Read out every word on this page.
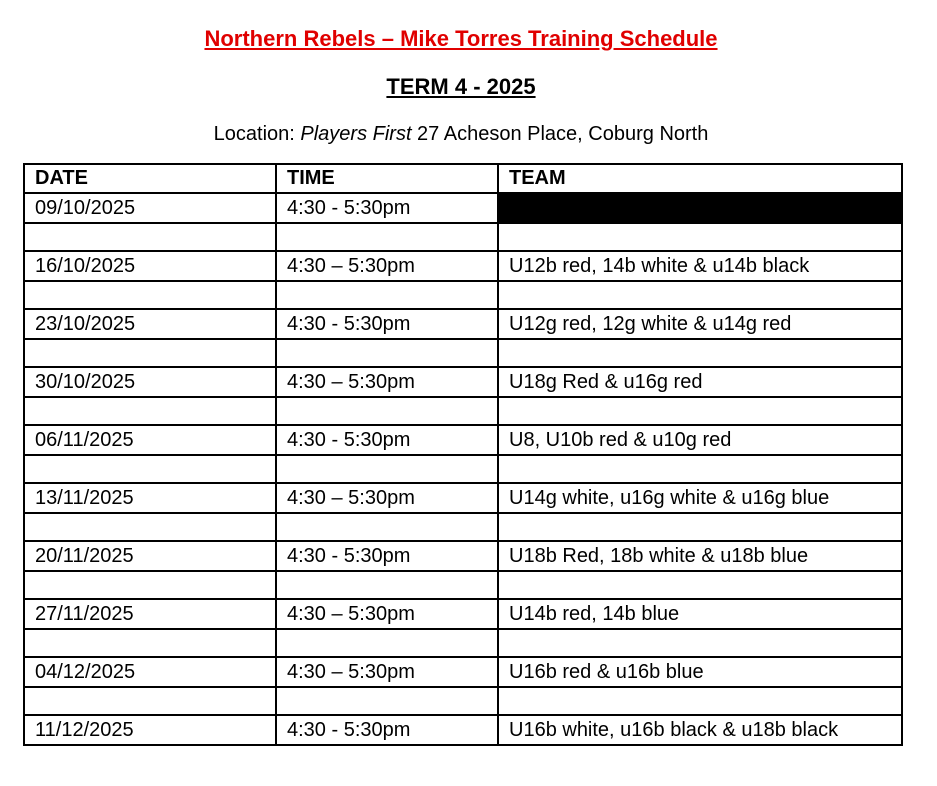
Northern Rebels – Mike Torres Training Schedule
TERM 4 - 2025
Location: Players First 27 Acheson Place, Coburg North
DATE	TIME	TEAM
09/10/2025	4:30 - 5:30pm	

16/10/2025	4:30 – 5:30pm	U12b red, 14b white & u14b black

23/10/2025	4:30 - 5:30pm	U12g red, 12g white & u14g red

30/10/2025	4:30 – 5:30pm	U18g Red & u16g red

06/11/2025	4:30 - 5:30pm	U8, U10b red & u10g red

13/11/2025	4:30 – 5:30pm	U14g white, u16g white & u16g blue

20/11/2025	4:30 - 5:30pm	U18b Red, 18b white & u18b blue

27/11/2025	4:30 – 5:30pm	U14b red, 14b blue

04/12/2025	4:30 – 5:30pm	U16b red & u16b blue

11/12/2025	4:30 - 5:30pm	U16b white, u16b black & u18b black
